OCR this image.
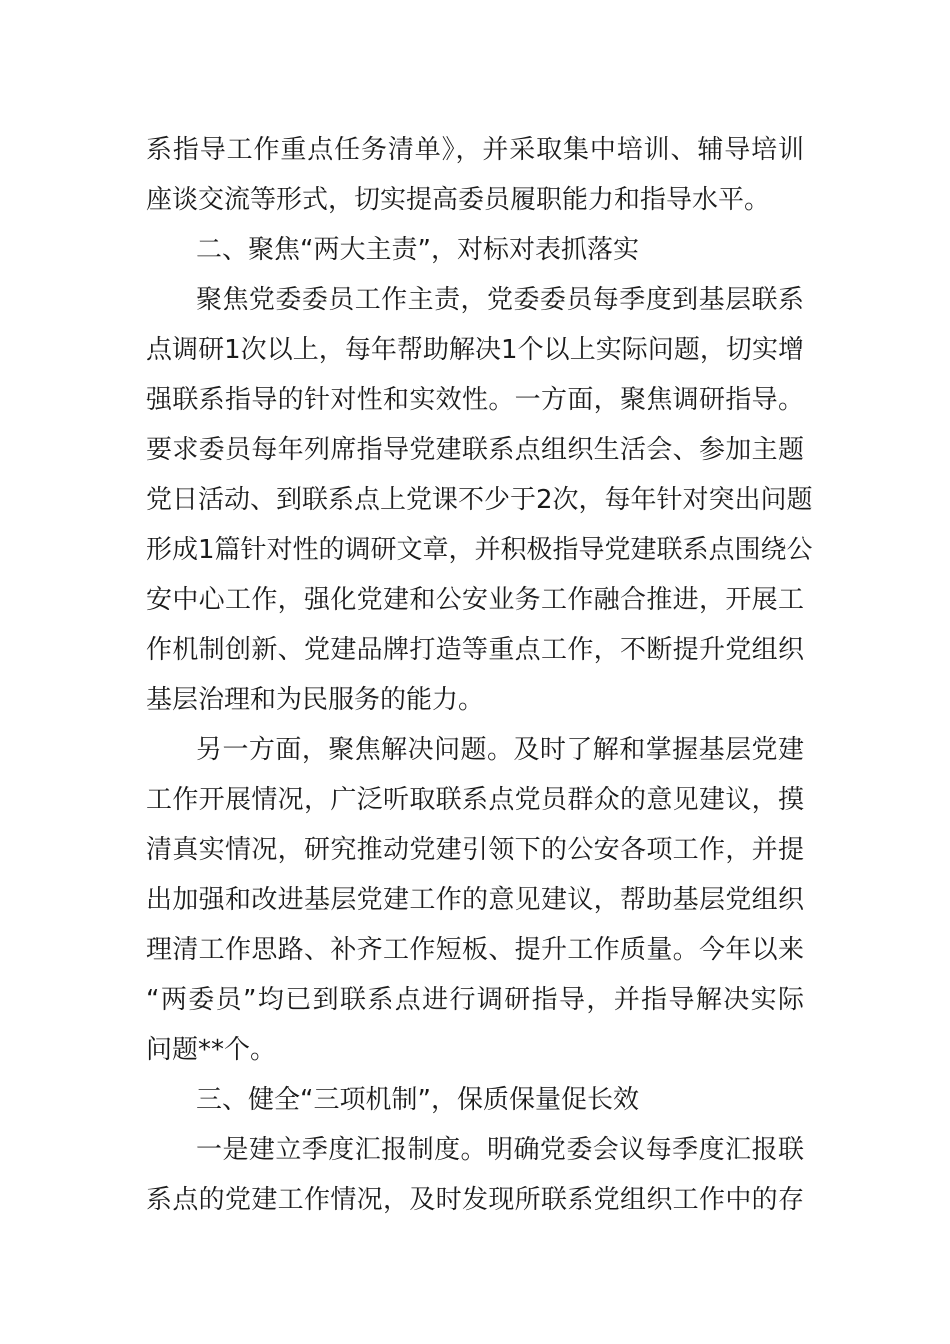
系指导工作重点任务清单》，并采取集中培训、辅导培训
座谈交流等形式，切实提高委员履职能力和指导水平。
二、聚焦“两大主责”，对标对表抓落实
聚焦党委委员工作主责，党委委员每季度到基层联系
点调研1次以上，每年帮助解决1个以上实际问题，切实增
强联系指导的针对性和实效性。一方面，聚焦调研指导。
要求委员每年列席指导党建联系点组织生活会、参加主题
党日活动、到联系点上党课不少于2次，每年针对突出问题
形成1篇针对性的调研文章，并积极指导党建联系点围绕公
安中心工作，强化党建和公安业务工作融合推进，开展工
作机制创新、党建品牌打造等重点工作，不断提升党组织
基层治理和为民服务的能力。
另一方面，聚焦解决问题。及时了解和掌握基层党建
工作开展情况，广泛听取联系点党员群众的意见建议，摸
清真实情况，研究推动党建引领下的公安各项工作，并提
出加强和改进基层党建工作的意见建议，帮助基层党组织
理清工作思路、补齐工作短板、提升工作质量。今年以来
“两委员”均已到联系点进行调研指导，并指导解决实际
问题**个。
三、健全“三项机制”，保质保量促长效
一是建立季度汇报制度。明确党委会议每季度汇报联
系点的党建工作情况，及时发现所联系党组织工作中的存
